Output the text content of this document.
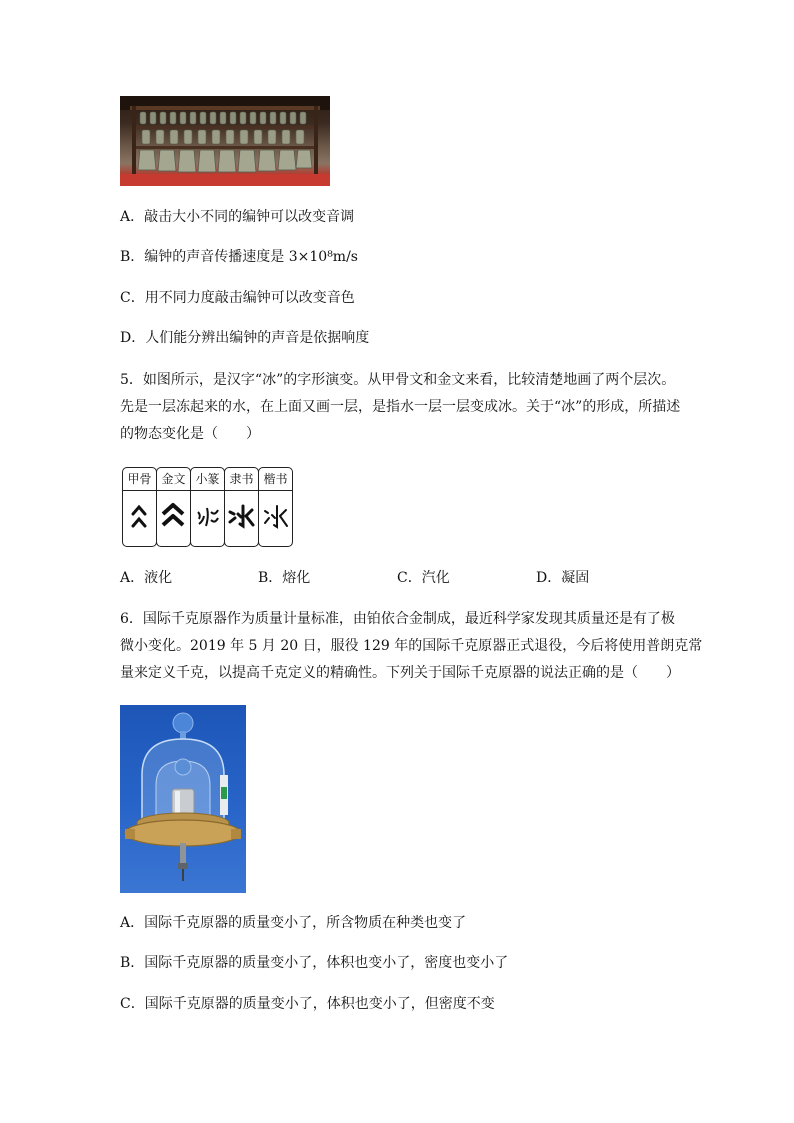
A．敲击大小不同的编钟可以改变音调
B．编钟的声音传播速度是 3×10⁸m/s
C．用不同力度敲击编钟可以改变音色
D．人们能分辨出编钟的声音是依据响度
5．如图所示，是汉字“冰”的字形演变。从甲骨文和金文来看，比较清楚地画了两个层次。
先是一层冻起来的水，在上面又画一层，是指水一层一层变成冰。关于“冰”的形成，所描述
的物态变化是（　　）
甲骨 金文 小篆 隶书 楷书
A．液化	B．熔化	C．汽化	D．凝固
6．国际千克原器作为质量计量标准，由铂依合金制成，最近科学家发现其质量还是有了极
微小变化。2019 年 5 月 20 日，服役 129 年的国际千克原器正式退役，今后将使用普朗克常
量来定义千克，以提高千克定义的精确性。下列关于国际千克原器的说法正确的是（　　）
A．国际千克原器的质量变小了，所含物质在种类也变了
B．国际千克原器的质量变小了，体积也变小了，密度也变小了
C．国际千克原器的质量变小了，体积也变小了，但密度不变
